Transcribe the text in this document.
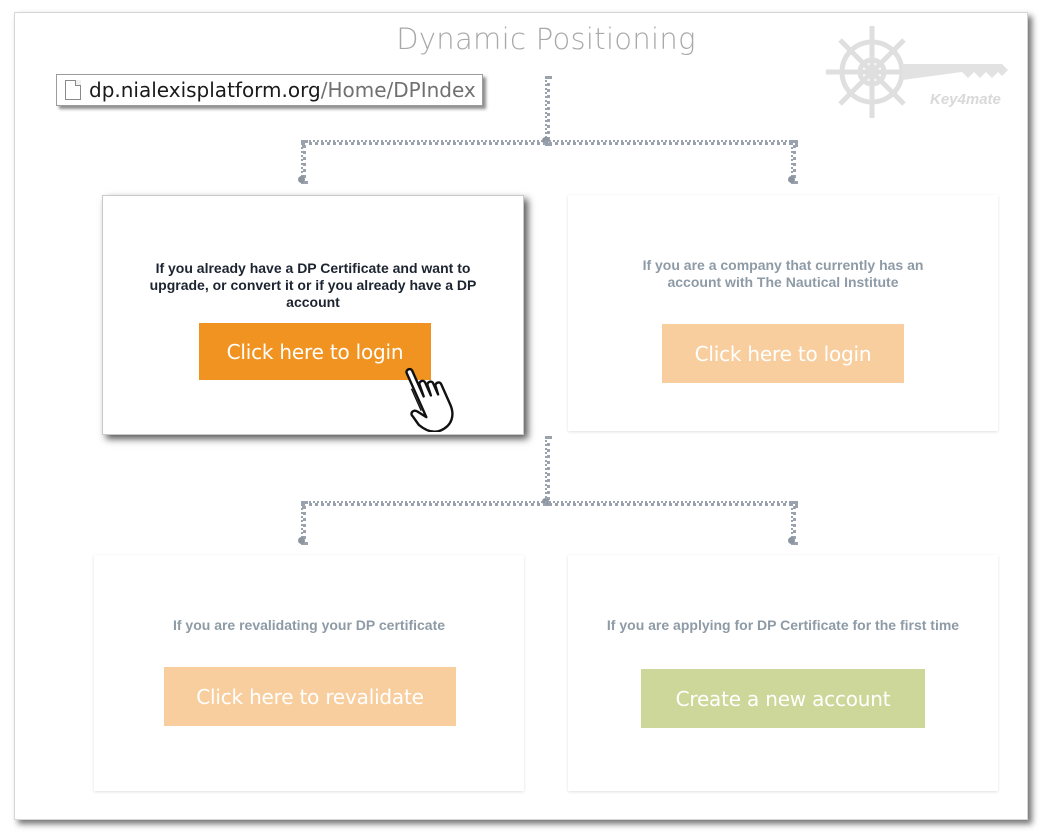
Dynamic Positioning
dp.nialexisplatform.org /Home/DPIndex	Key4mate
If you already have a DP Certificate and want to upgrade, or convert it or if you already have a DP account
Click here to login
If you are a company that currently has an account with The Nautical Institute
Click here to login
If you are revalidating your DP certificate
Click here to revalidate
If you are applying for DP Certificate for the first time
Create a new account
